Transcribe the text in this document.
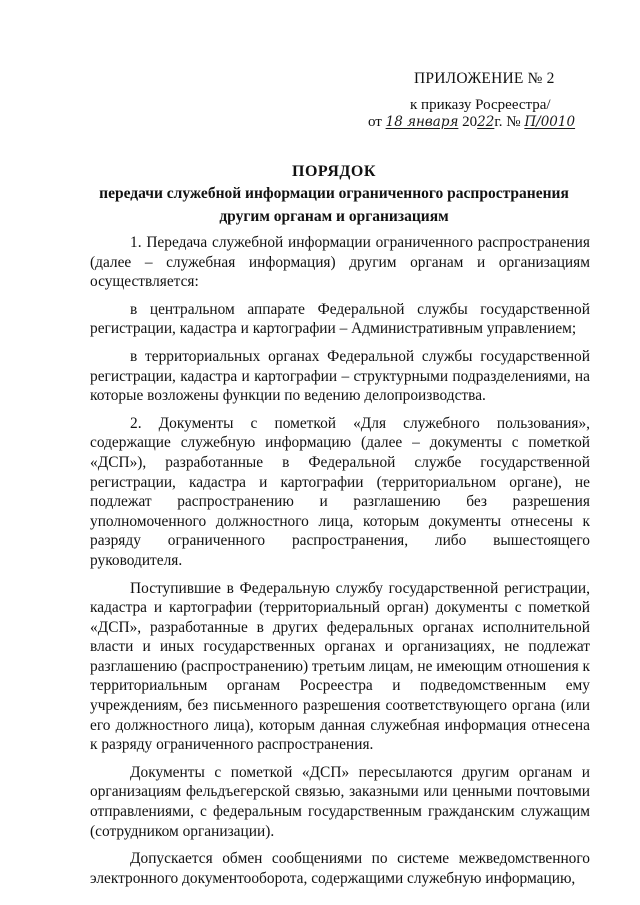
ПРИЛОЖЕНИЕ № 2
к приказу Росреестра/
от 18 января 2022г. № П/0010
ПОРЯДОК
передачи служебной информации ограниченного распространения
другим органам и организациям

1. Передача служебной информации ограниченного распространения (далее – служебная информация) другим органам и организациям осуществляется:

в центральном аппарате Федеральной службы государственной регистрации, кадастра и картографии – Административным управлением;

в территориальных органах Федеральной службы государственной регистрации, кадастра и картографии – структурными подразделениями, на которые возложены функции по ведению делопроизводства.

2. Документы с пометкой «Для служебного пользования», содержащие служебную информацию (далее – документы с пометкой «ДСП»), разработанные в Федеральной службе государственной регистрации, кадастра и картографии (территориальном органе), не подлежат распространению и разглашению без разрешения уполномоченного должностного лица, которым документы отнесены к разряду ограниченного распространения, либо вышестоящего руководителя.

Поступившие в Федеральную службу государственной регистрации, кадастра и картографии (территориальный орган) документы с пометкой «ДСП», разработанные в других федеральных органах исполнительной власти и иных государственных органах и организациях, не подлежат разглашению (распространению) третьим лицам, не имеющим отношения к территориальным органам Росреестра и подведомственным ему учреждениям, без письменного разрешения соответствующего органа (или его должностного лица), которым данная служебная информация отнесена к разряду ограниченного распространения.

Документы с пометкой «ДСП» пересылаются другим органам и организациям фельдъегерской связью, заказными или ценными почтовыми отправлениями, с федеральным государственным гражданским служащим (сотрудником организации).

Допускается обмен сообщениями по системе межведомственного электронного документооборота, содержащими служебную информацию,
